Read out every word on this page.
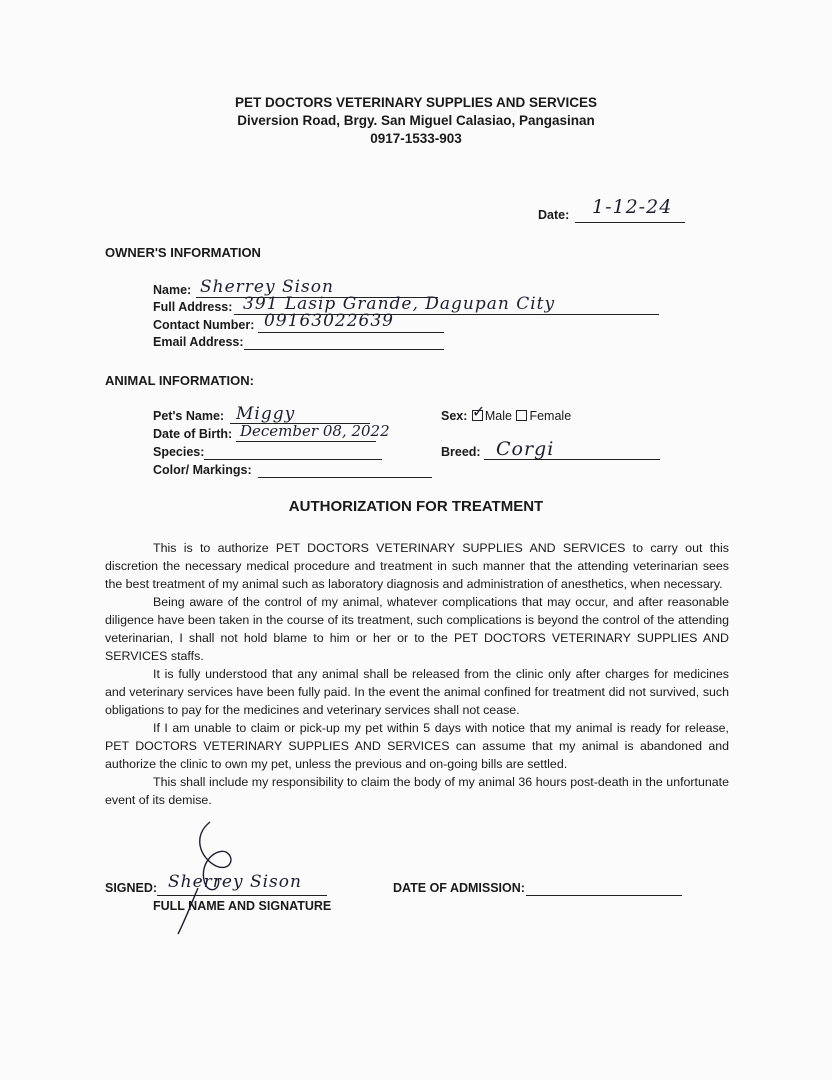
PET DOCTORS VETERINARY SUPPLIES AND SERVICES
Diversion Road, Brgy. San Miguel Calasiao, Pangasinan
0917-1533-903
Date: 1-12-24
OWNER'S INFORMATION
Name: Sherrey Sison
Full Address: 391 Lasip Grande, Dagupan City
Contact Number: 09163022639
Email Address:
ANIMAL INFORMATION:
Pet's Name: Miggy
Date of Birth: December 08, 2022
Species:
Color/ Markings:
Sex: ✓ Male Female
Breed: Corgi
AUTHORIZATION FOR TREATMENT

This is to authorize PET DOCTORS VETERINARY SUPPLIES AND SERVICES to carry out this discretion the necessary medical procedure and treatment in such manner that the attending veterinarian sees the best treatment of my animal such as laboratory diagnosis and administration of anesthetics, when necessary.

Being aware of the control of my animal, whatever complications that may occur, and after reasonable diligence have been taken in the course of its treatment, such complications is beyond the control of the attending veterinarian, I shall not hold blame to him or her or to the PET DOCTORS VETERINARY SUPPLIES AND SERVICES staffs.

It is fully understood that any animal shall be released from the clinic only after charges for medicines and veterinary services have been fully paid. In the event the animal confined for treatment did not survived, such obligations to pay for the medicines and veterinary services shall not cease.

If I am unable to claim or pick-up my pet within 5 days with notice that my animal is ready for release, PET DOCTORS VETERINARY SUPPLIES AND SERVICES can assume that my animal is abandoned and authorize the clinic to own my pet, unless the previous and on-going bills are settled.

This shall include my responsibility to claim the body of my animal 36 hours post-death in the unfortunate event of its demise.

SIGNED: Sherrey Sison
FULL NAME AND SIGNATURE
DATE OF ADMISSION:
